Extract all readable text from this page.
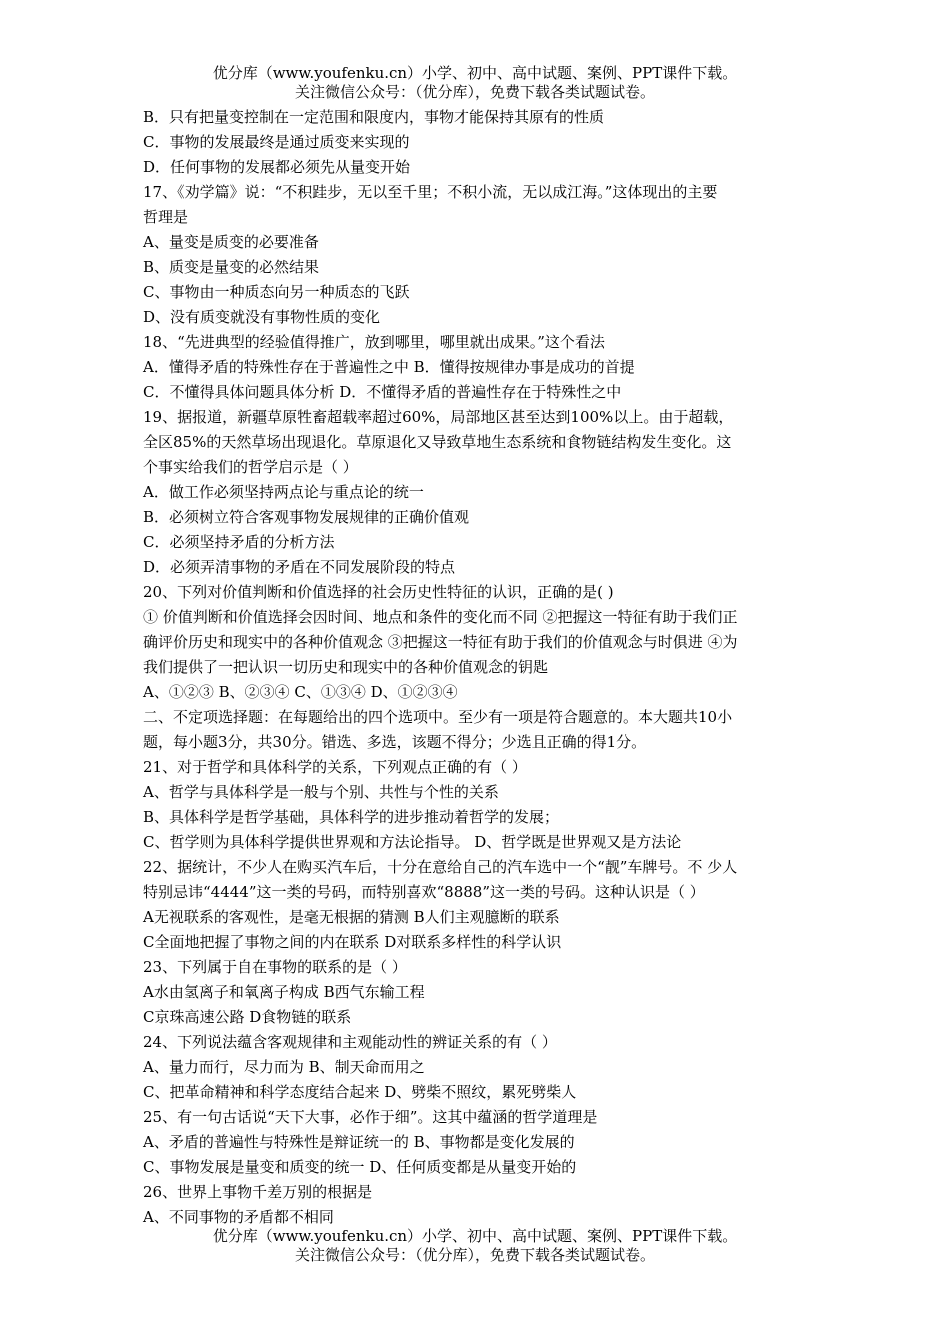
优分库（www.youfenku.cn）小学、初中、高中试题、案例、PPT课件下载。
关注微信公众号：（优分库），免费下载各类试题试卷。
B．只有把量变控制在一定范围和限度内，事物才能保持其原有的性质
C．事物的发展最终是通过质变来实现的
D．任何事物的发展都必须先从量变开始
17、《劝学篇》说：“不积跬步，无以至千里；不积小流，无以成江海。”这体现出的主要
哲理是
A、量变是质变的必要准备
B、质变是量变的必然结果
C、事物由一种质态向另一种质态的飞跃
D、没有质变就没有事物性质的变化
18、“先进典型的经验值得推广，放到哪里，哪里就出成果。”这个看法
A．懂得矛盾的特殊性存在于普遍性之中 B．懂得按规律办事是成功的首提
C．不懂得具体问题具体分析 D．不懂得矛盾的普遍性存在于特殊性之中
19、据报道，新疆草原牲畜超载率超过60%，局部地区甚至达到100%以上。由于超载，
全区85%的天然草场出现退化。草原退化又导致草地生态系统和食物链结构发生变化。这
个事实给我们的哲学启示是（ ）
A．做工作必须坚持两点论与重点论的统一
B．必须树立符合客观事物发展规律的正确价值观
C．必须坚持矛盾的分析方法
D．必须弄清事物的矛盾在不同发展阶段的特点
20、下列对价值判断和价值选择的社会历史性特征的认识，正确的是( )
① 价值判断和价值选择会因时间、地点和条件的变化而不同 ②把握这一特征有助于我们正
确评价历史和现实中的各种价值观念 ③把握这一特征有助于我们的价值观念与时俱进 ④为
我们提供了一把认识一切历史和现实中的各种价值观念的钥匙
A、①②③ B、②③④ C、①③④ D、①②③④
二、不定项选择题：在每题给出的四个选项中。至少有一项是符合题意的。本大题共10小
题，每小题3分，共30分。错选、多选，该题不得分；少选且正确的得1分。
21、对于哲学和具体科学的关系，下列观点正确的有（ ）
A、哲学与具体科学是一般与个别、共性与个性的关系
B、具体科学是哲学基础，具体科学的进步推动着哲学的发展；
C、哲学则为具体科学提供世界观和方法论指导。 D、哲学既是世界观又是方法论
22、据统计，不少人在购买汽车后，十分在意给自己的汽车选中一个“靓”车牌号。不 少人
特别忌讳“4444”这一类的号码，而特别喜欢“8888”这一类的号码。这种认识是（ ）
A无视联系的客观性，是毫无根据的猜测 B人们主观臆断的联系
C全面地把握了事物之间的内在联系 D对联系多样性的科学认识
23、下列属于自在事物的联系的是（ ）
A水由氢离子和氧离子构成 B西气东输工程
C京珠高速公路 D食物链的联系
24、下列说法蕴含客观规律和主观能动性的辨证关系的有（ ）
A、量力而行，尽力而为 B、制天命而用之
C、把革命精神和科学态度结合起来 D、劈柴不照纹，累死劈柴人
25、有一句古话说“天下大事，必作于细”。这其中蕴涵的哲学道理是
A、矛盾的普遍性与特殊性是辩证统一的 B、事物都是变化发展的
C、事物发展是量变和质变的统一 D、任何质变都是从量变开始的
26、世界上事物千差万别的根据是
A、不同事物的矛盾都不相同
优分库（www.youfenku.cn）小学、初中、高中试题、案例、PPT课件下载。
关注微信公众号：（优分库），免费下载各类试题试卷。
